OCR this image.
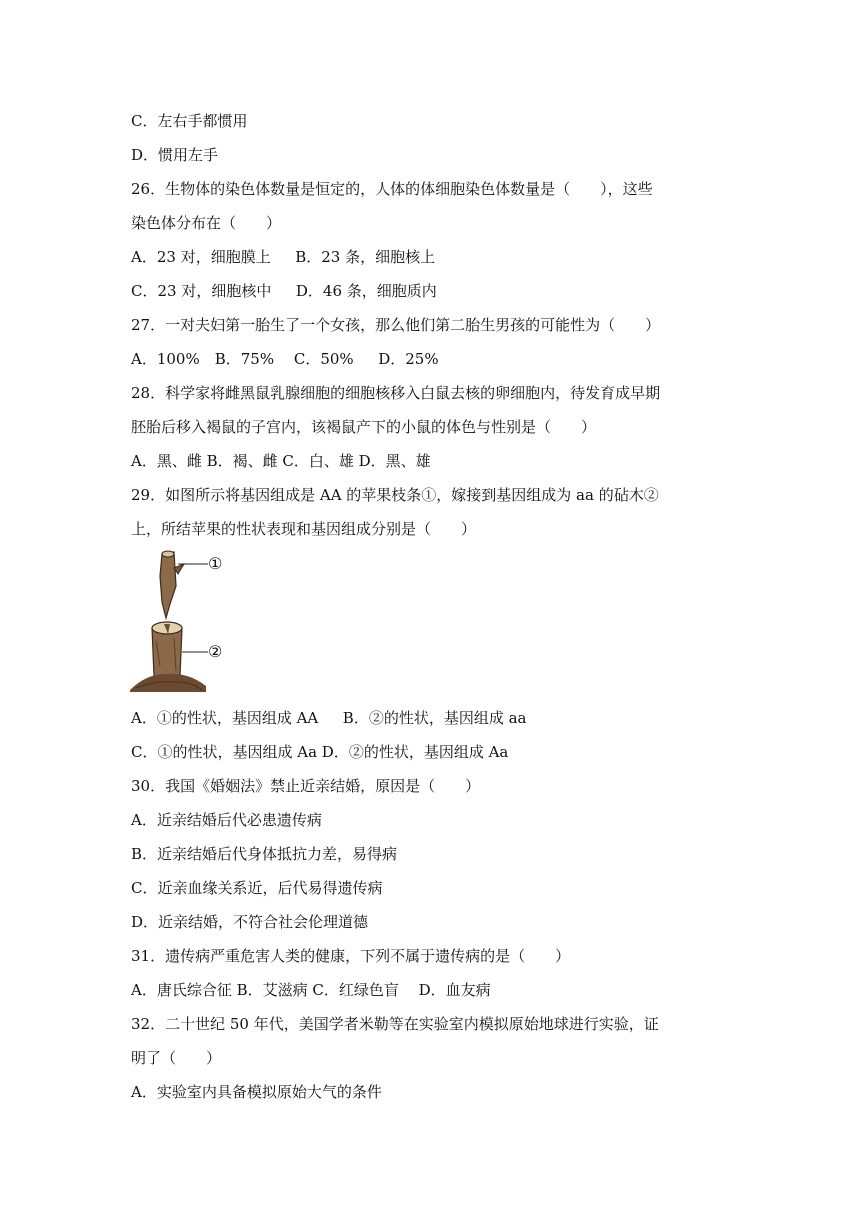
C．左右手都惯用
D．惯用左手
26．生物体的染色体数量是恒定的，人体的体细胞染色体数量是（　　），这些
染色体分布在（　　）
A．23 对，细胞膜上　  B．23 条，细胞核上
C．23 对，细胞核中　  D．46 条，细胞质内
27．一对夫妇第一胎生了一个女孩，那么他们第二胎生男孩的可能性为（　　）
A．100%　B．75%　 C．50%　  D．25%
28．科学家将雌黑鼠乳腺细胞的细胞核移入白鼠去核的卵细胞内，待发育成早期
胚胎后移入褐鼠的子宫内，该褐鼠产下的小鼠的体色与性别是（　　）
A．黑、雌 B．褐、雌 C．白、雄 D．黑、雄
29．如图所示将基因组成是 AA 的苹果枝条①，嫁接到基因组成为 aa 的砧木②
上，所结苹果的性状表现和基因组成分别是（　　）
①
②
A．①的性状，基因组成 AA　  B．②的性状，基因组成 aa
C．①的性状，基因组成 Aa D．②的性状，基因组成 Aa
30．我国《婚姻法》禁止近亲结婚，原因是（　　）
A．近亲结婚后代必患遗传病
B．近亲结婚后代身体抵抗力差，易得病
C．近亲血缘关系近，后代易得遗传病
D．近亲结婚，不符合社会伦理道德
31．遗传病严重危害人类的健康，下列不属于遗传病的是（　　）
A．唐氏综合征 B．艾滋病 C．红绿色盲　 D．血友病
32．二十世纪 50 年代，美国学者米勒等在实验室内模拟原始地球进行实验，证
明了（　　）
A．实验室内具备模拟原始大气的条件
